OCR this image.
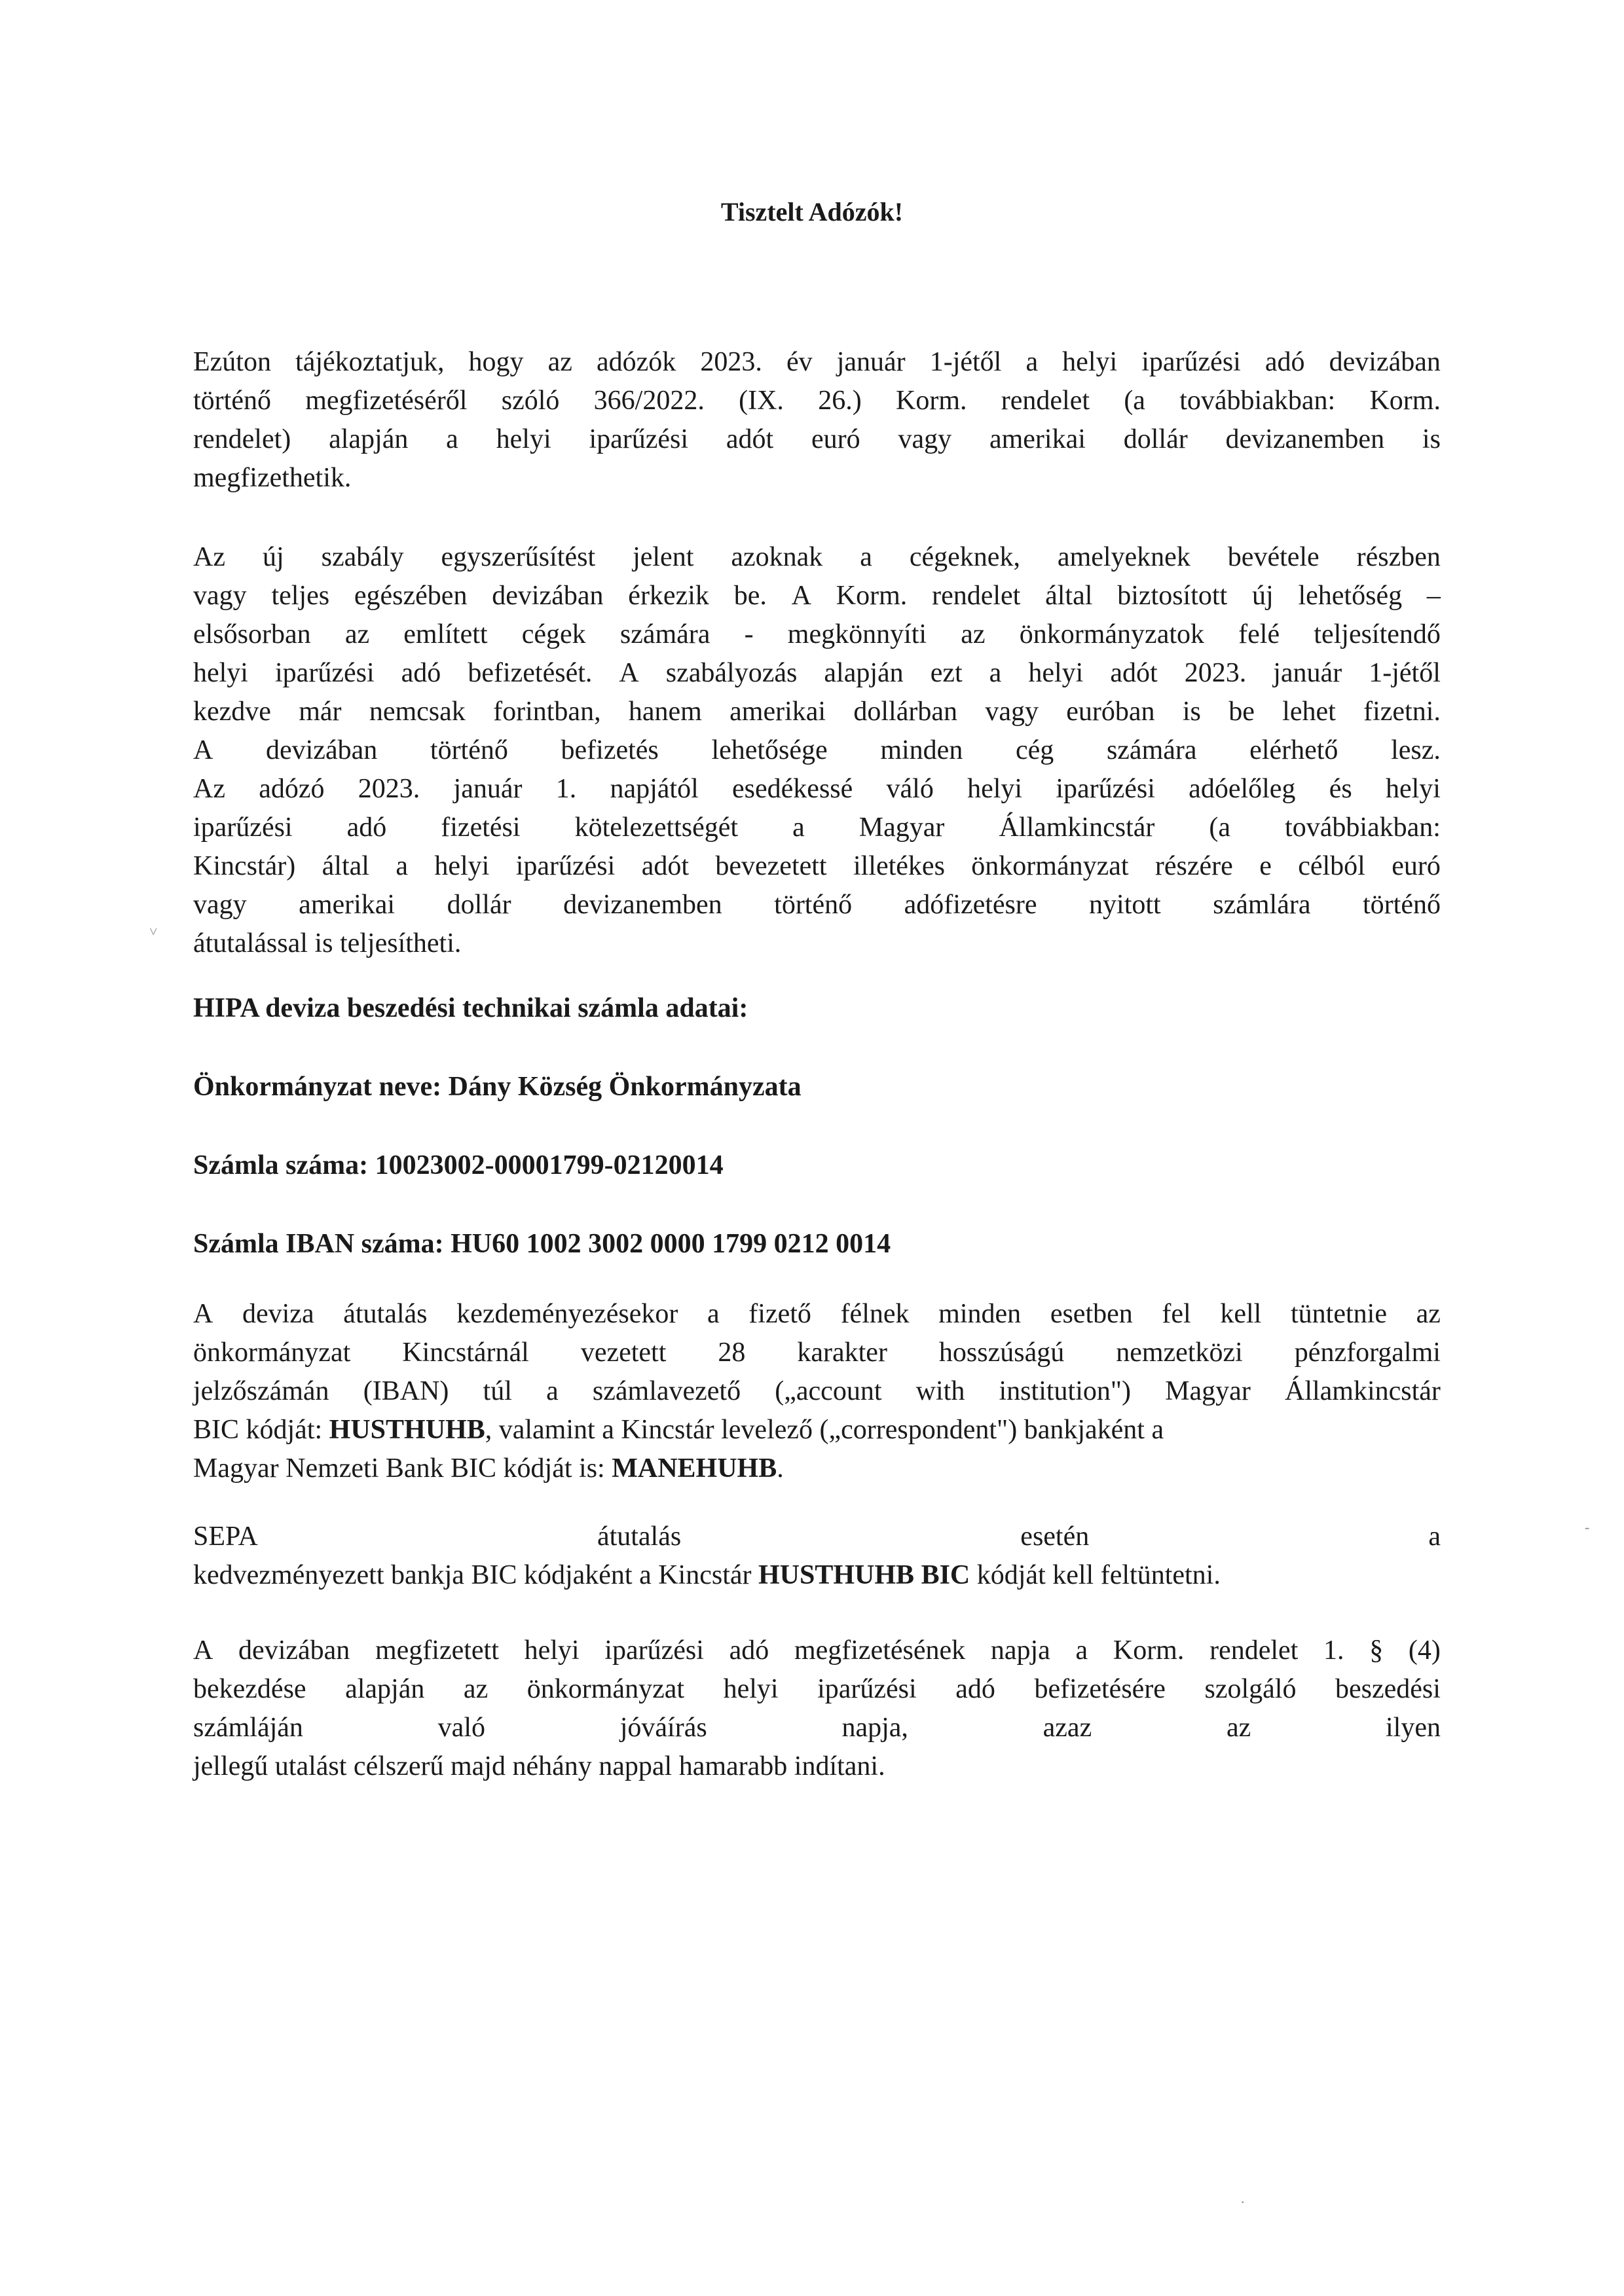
Tisztelt Adózók!
Ezúton tájékoztatjuk, hogy az adózók 2023. év január 1-jétől a helyi iparűzési adó devizában
történő megfizetéséről szóló 366/2022. (IX. 26.) Korm. rendelet (a továbbiakban: Korm.
rendelet) alapján a helyi iparűzési adót euró vagy amerikai dollár devizanemben is
megfizethetik.
Az új szabály egyszerűsítést jelent azoknak a cégeknek, amelyeknek bevétele részben
vagy teljes egészében devizában érkezik be. A Korm. rendelet által biztosított új lehetőség –
elsősorban az említett cégek számára - megkönnyíti az önkormányzatok felé teljesítendő
helyi iparűzési adó befizetését. A szabályozás alapján ezt a helyi adót 2023. január 1-jétől
kezdve már nemcsak forintban, hanem amerikai dollárban vagy euróban is be lehet fizetni.
A devizában történő befizetés lehetősége minden cég számára elérhető lesz.
Az adózó 2023. január 1. napjától esedékessé váló helyi iparűzési adóelőleg és helyi
iparűzési adó fizetési kötelezettségét a Magyar Államkincstár (a továbbiakban:
Kincstár) által a helyi iparűzési adót bevezetett illetékes önkormányzat részére e célból euró
vagy amerikai dollár devizanemben történő adófizetésre nyitott számlára történő
átutalással is teljesítheti.
HIPA deviza beszedési technikai számla adatai:
Önkormányzat neve: Dány Község Önkormányzata
Számla száma: 10023002-00001799-02120014
Számla IBAN száma: HU60 1002 3002 0000 1799 0212 0014
A deviza átutalás kezdeményezésekor a fizető félnek minden esetben fel kell tüntetnie az
önkormányzat Kincstárnál vezetett 28 karakter hosszúságú nemzetközi pénzforgalmi
jelzőszámán (IBAN) túl a számlavezető („account with institution") Magyar Államkincstár
BIC kódját: HUSTHUHB, valamint a Kincstár levelező („correspondent") bankjaként a
Magyar Nemzeti Bank BIC kódját is: MANEHUHB.
SEPA	átutalás	esetén	a
kedvezményezett bankja BIC kódjaként a Kincstár HUSTHUHB BIC kódját kell feltüntetni.
A devizában megfizetett helyi iparűzési adó megfizetésének napja a Korm. rendelet 1. § (4)
bekezdése alapján az önkormányzat helyi iparűzési adó befizetésére szolgáló beszedési
számláján	való	jóváírás	napja,	azaz	az	ilyen
jellegű utalást célszerű majd néhány nappal hamarabb indítani.
˅
-
.
